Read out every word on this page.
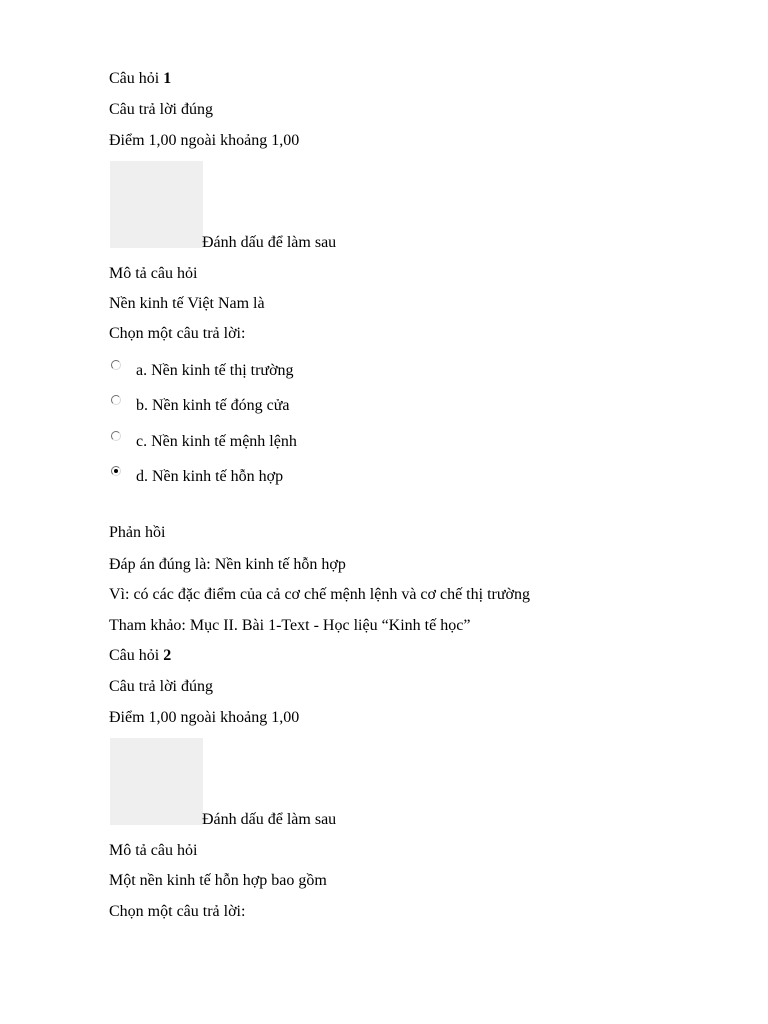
Câu hỏi 1
Câu trả lời đúng
Điểm 1,00 ngoài khoảng 1,00
Đánh dấu để làm sau
Mô tả câu hỏi
Nền kinh tế Việt Nam là
Chọn một câu trả lời:
a. Nền kinh tế thị trường
b. Nền kinh tế đóng cửa
c. Nền kinh tế mệnh lệnh
d. Nền kinh tế hỗn hợp
Phản hồi
Đáp án đúng là: Nền kinh tế hỗn hợp
Vì: có các đặc điểm của cả cơ chế mệnh lệnh và cơ chế thị trường
Tham khảo: Mục II. Bài 1-Text - Học liệu “Kinh tế học”
Câu hỏi 2
Câu trả lời đúng
Điểm 1,00 ngoài khoảng 1,00
Đánh dấu để làm sau
Mô tả câu hỏi
Một nền kinh tế hỗn hợp bao gồm
Chọn một câu trả lời:
